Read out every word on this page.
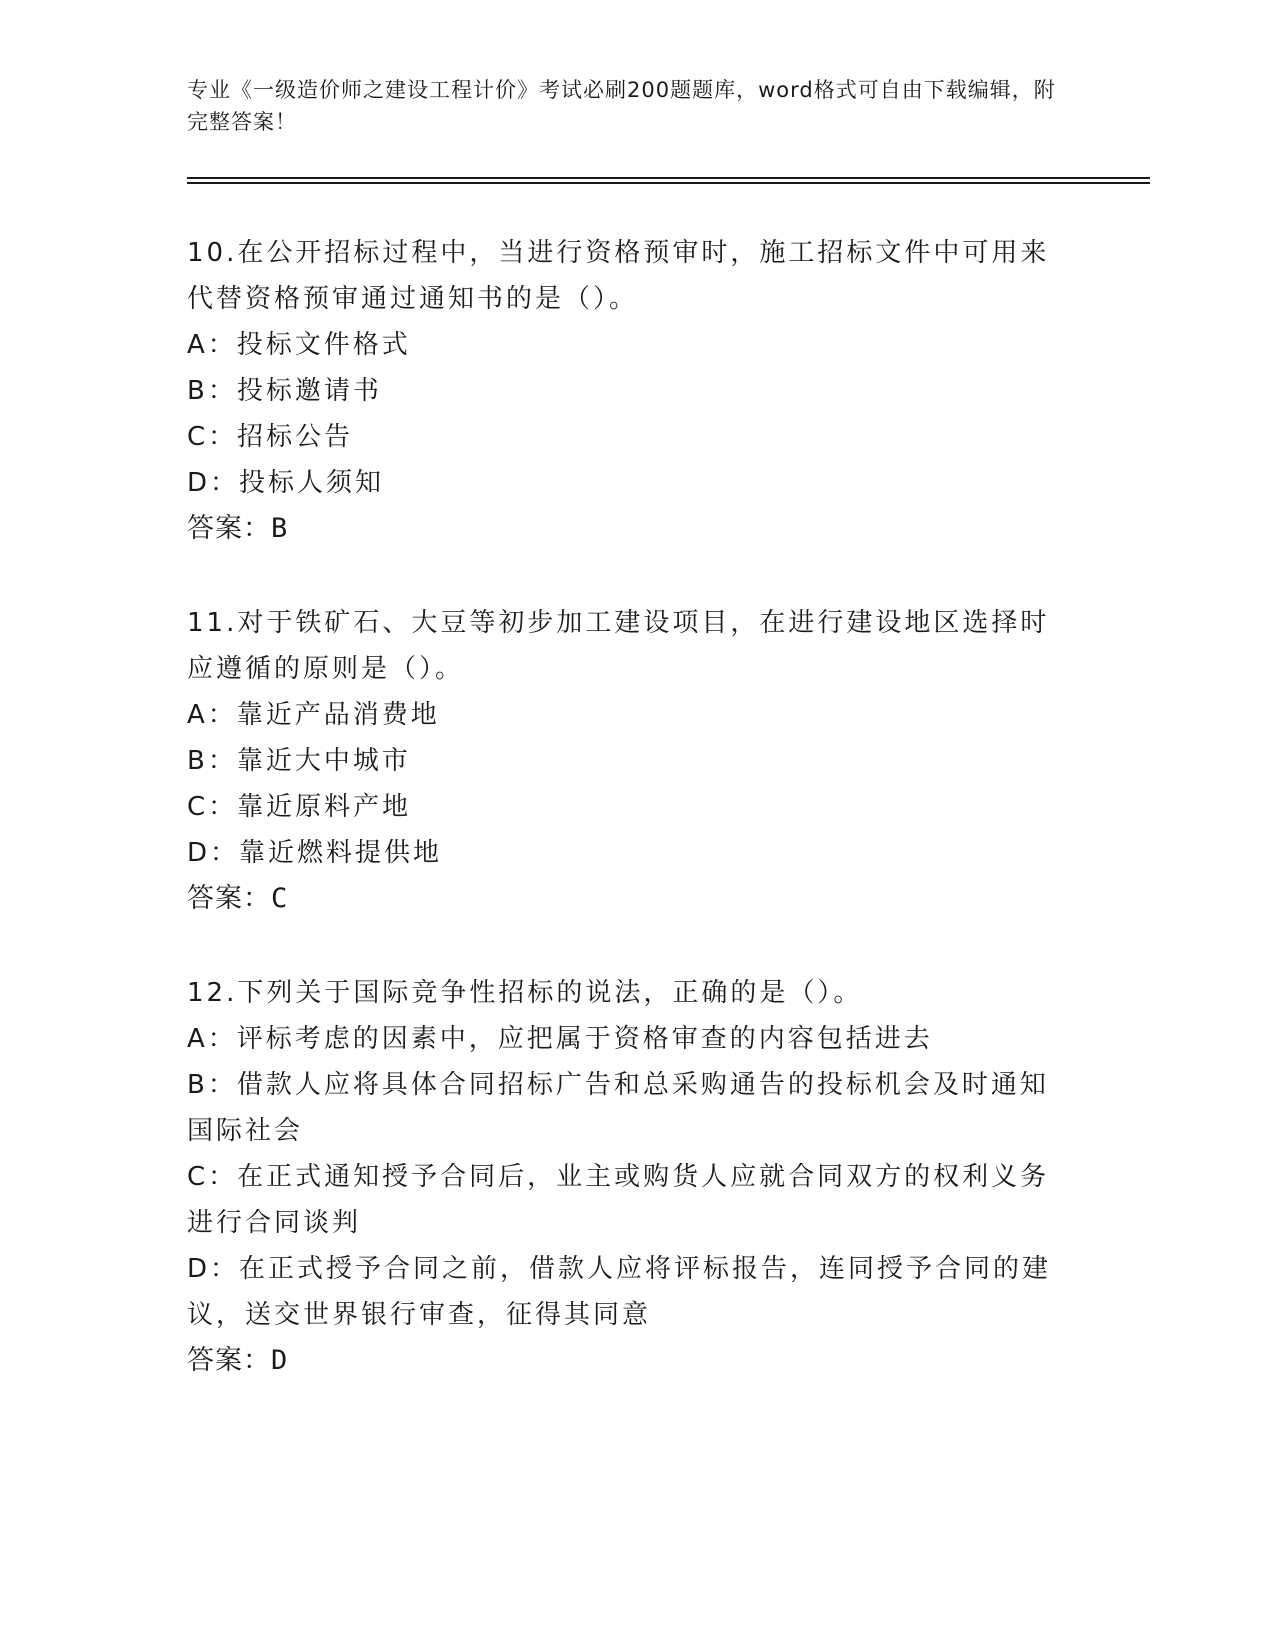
专业《一级造价师之建设工程计价》考试必刷200题题库，word格式可自由下载编辑，附完整答案！

10.在公开招标过程中，当进行资格预审时，施工招标文件中可用来代替资格预审通过通知书的是（）。

A：投标文件格式

B：投标邀请书

C：招标公告

D：投标人须知

答案：B

11.对于铁矿石、大豆等初步加工建设项目，在进行建设地区选择时应遵循的原则是（）。

A：靠近产品消费地

B：靠近大中城市

C：靠近原料产地

D：靠近燃料提供地

答案：C

12.下列关于国际竞争性招标的说法，正确的是（）。

A：评标考虑的因素中，应把属于资格审查的内容包括进去

B：借款人应将具体合同招标广告和总采购通告的投标机会及时通知国际社会

C：在正式通知授予合同后，业主或购货人应就合同双方的权利义务进行合同谈判

D：在正式授予合同之前，借款人应将评标报告，连同授予合同的建议，送交世界银行审查，征得其同意

答案：D
